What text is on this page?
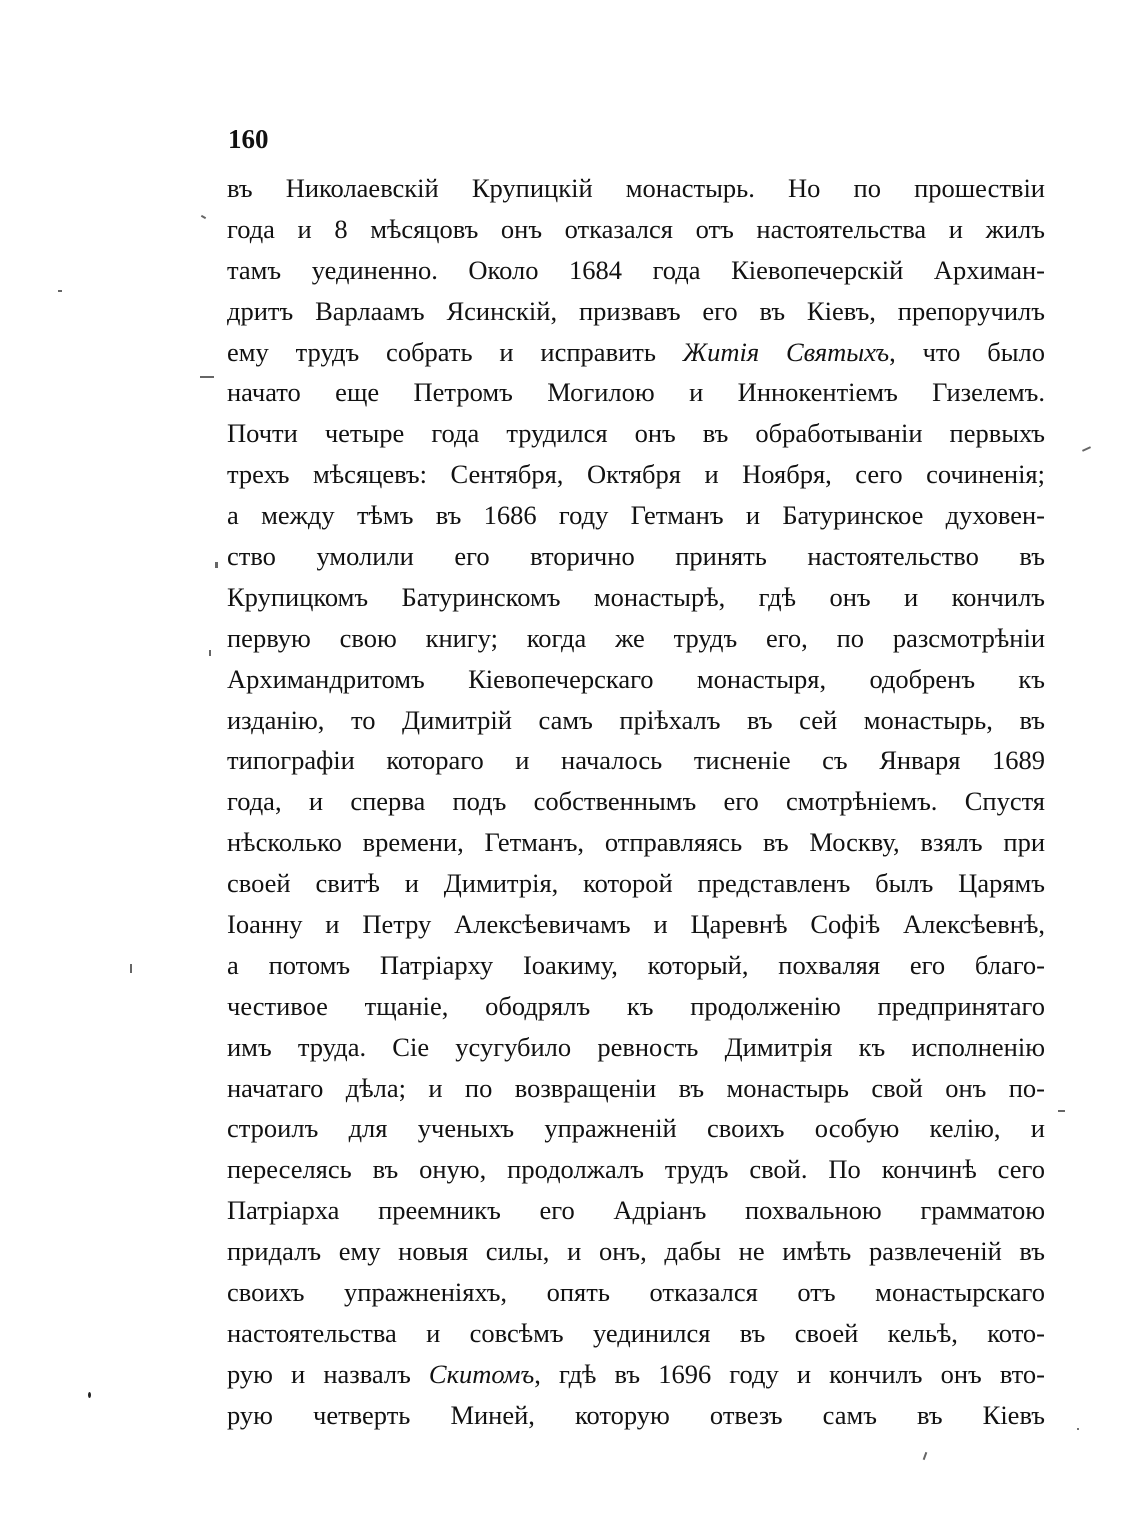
160
въ Николаевскій Крупицкій монастырь. Но по прошествіи
года и 8 мѣсяцовъ онъ отказался отъ настоятельства и жилъ
тамъ уединенно. Около 1684 года Кіевопечерскій Архиман-
дритъ Варлаамъ Ясинскій, призвавъ его въ Кіевъ, препоручилъ
ему трудъ собрать и исправить Житія Святыхъ, что было
начато еще Петромъ Могилою и Иннокентіемъ Гизелемъ.
Почти четыре года трудился онъ въ обработываніи первыхъ
трехъ мѣсяцевъ: Сентября, Октября и Ноября, сего сочиненія;
а между тѣмъ въ 1686 году Гетманъ и Батуринское духовен-
ство умолили его вторично принять настоятельство въ
Крупицкомъ Батуринскомъ монастырѣ, гдѣ онъ и кончилъ
первую свою книгу; когда же трудъ его, по разсмотрѣніи
Архимандритомъ Кіевопечерскаго монастыря, одобренъ къ
изданію, то Димитрій самъ пріѣхалъ въ сей монастырь, въ
типографіи котораго и началось тисненіе съ Января 1689
года, и сперва подъ собственнымъ его смотрѣніемъ. Спустя
нѣсколько времени, Гетманъ, отправляясь въ Москву, взялъ при
своей свитѣ и Димитрія, которой представленъ былъ Царямъ
Іоанну и Петру Алексѣевичамъ и Царевнѣ Софіѣ Алексѣевнѣ,
а потомъ Патріарху Іоакиму, который, похваляя его благо-
честивое тщаніе, ободрялъ къ продолженію предпринятаго
имъ труда. Сіе усугубило ревность Димитрія къ исполненію
начатаго дѣла; и по возвращеніи въ монастырь свой онъ по-
строилъ для ученыхъ упражненій своихъ особую келію, и
переселясь въ оную, продолжалъ трудъ свой. По кончинѣ сего
Патріарха преемникъ его Адріанъ похвальною грамматою
придалъ ему новыя силы, и онъ, дабы не имѣть развлеченій въ
своихъ упражненіяхъ, опять отказался отъ монастырскаго
настоятельства и совсѣмъ уединился въ своей кельѣ, кото-
рую и назвалъ Скитомъ, гдѣ въ 1696 году и кончилъ онъ вто-
рую четверть Миней, которую отвезъ самъ въ Кіевъ
